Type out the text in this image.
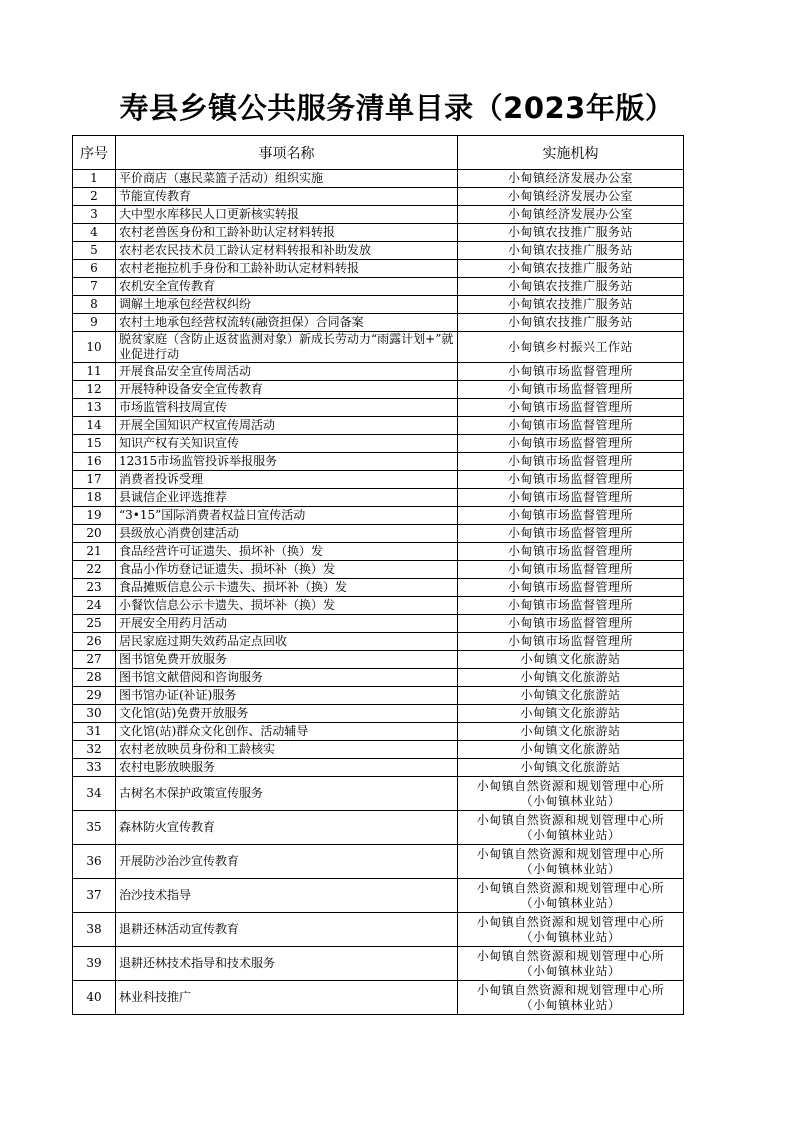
寿县乡镇公共服务清单目录（2023年版）
序号	事项名称	实施机构
1	平价商店（惠民菜篮子活动）组织实施	小甸镇经济发展办公室
2	节能宣传教育	小甸镇经济发展办公室
3	大中型水库移民人口更新核实转报	小甸镇经济发展办公室
4	农村老兽医身份和工龄补助认定材料转报	小甸镇农技推广服务站
5	农村老农民技术员工龄认定材料转报和补助发放	小甸镇农技推广服务站
6	农村老拖拉机手身份和工龄补助认定材料转报	小甸镇农技推广服务站
7	农机安全宣传教育	小甸镇农技推广服务站
8	调解土地承包经营权纠纷	小甸镇农技推广服务站
9	农村土地承包经营权流转(融资担保）合同备案	小甸镇农技推广服务站
10	脱贫家庭（含防止返贫监测对象）新成长劳动力“雨露计划+”就业促进行动	小甸镇乡村振兴工作站
11	开展食品安全宣传周活动	小甸镇市场监督管理所
12	开展特种设备安全宣传教育	小甸镇市场监督管理所
13	市场监管科技周宣传	小甸镇市场监督管理所
14	开展全国知识产权宣传周活动	小甸镇市场监督管理所
15	知识产权有关知识宣传	小甸镇市场监督管理所
16	12315市场监管投诉举报服务	小甸镇市场监督管理所
17	消费者投诉受理	小甸镇市场监督管理所
18	县诚信企业评选推荐	小甸镇市场监督管理所
19	“3•15”国际消费者权益日宣传活动	小甸镇市场监督管理所
20	县级放心消费创建活动	小甸镇市场监督管理所
21	食品经营许可证遗失、损坏补（换）发	小甸镇市场监督管理所
22	食品小作坊登记证遗失、损坏补（换）发	小甸镇市场监督管理所
23	食品摊贩信息公示卡遗失、损坏补（换）发	小甸镇市场监督管理所
24	小餐饮信息公示卡遗失、损坏补（换）发	小甸镇市场监督管理所
25	开展安全用药月活动	小甸镇市场监督管理所
26	居民家庭过期失效药品定点回收	小甸镇市场监督管理所
27	图书馆免费开放服务	小甸镇文化旅游站
28	图书馆文献借阅和咨询服务	小甸镇文化旅游站
29	图书馆办证(补证)服务	小甸镇文化旅游站
30	文化馆(站)免费开放服务	小甸镇文化旅游站
31	文化馆(站)群众文化创作、活动辅导	小甸镇文化旅游站
32	农村老放映员身份和工龄核实	小甸镇文化旅游站
33	农村电影放映服务	小甸镇文化旅游站
34	古树名木保护政策宣传服务	小甸镇自然资源和规划管理中心所
（小甸镇林业站）

35	森林防火宣传教育	小甸镇自然资源和规划管理中心所
（小甸镇林业站）

36	开展防沙治沙宣传教育	小甸镇自然资源和规划管理中心所
（小甸镇林业站）

37	治沙技术指导	小甸镇自然资源和规划管理中心所
（小甸镇林业站）

38	退耕还林活动宣传教育	小甸镇自然资源和规划管理中心所
（小甸镇林业站）

39	退耕还林技术指导和技术服务	小甸镇自然资源和规划管理中心所
（小甸镇林业站）

40	林业科技推广	小甸镇自然资源和规划管理中心所
（小甸镇林业站）
